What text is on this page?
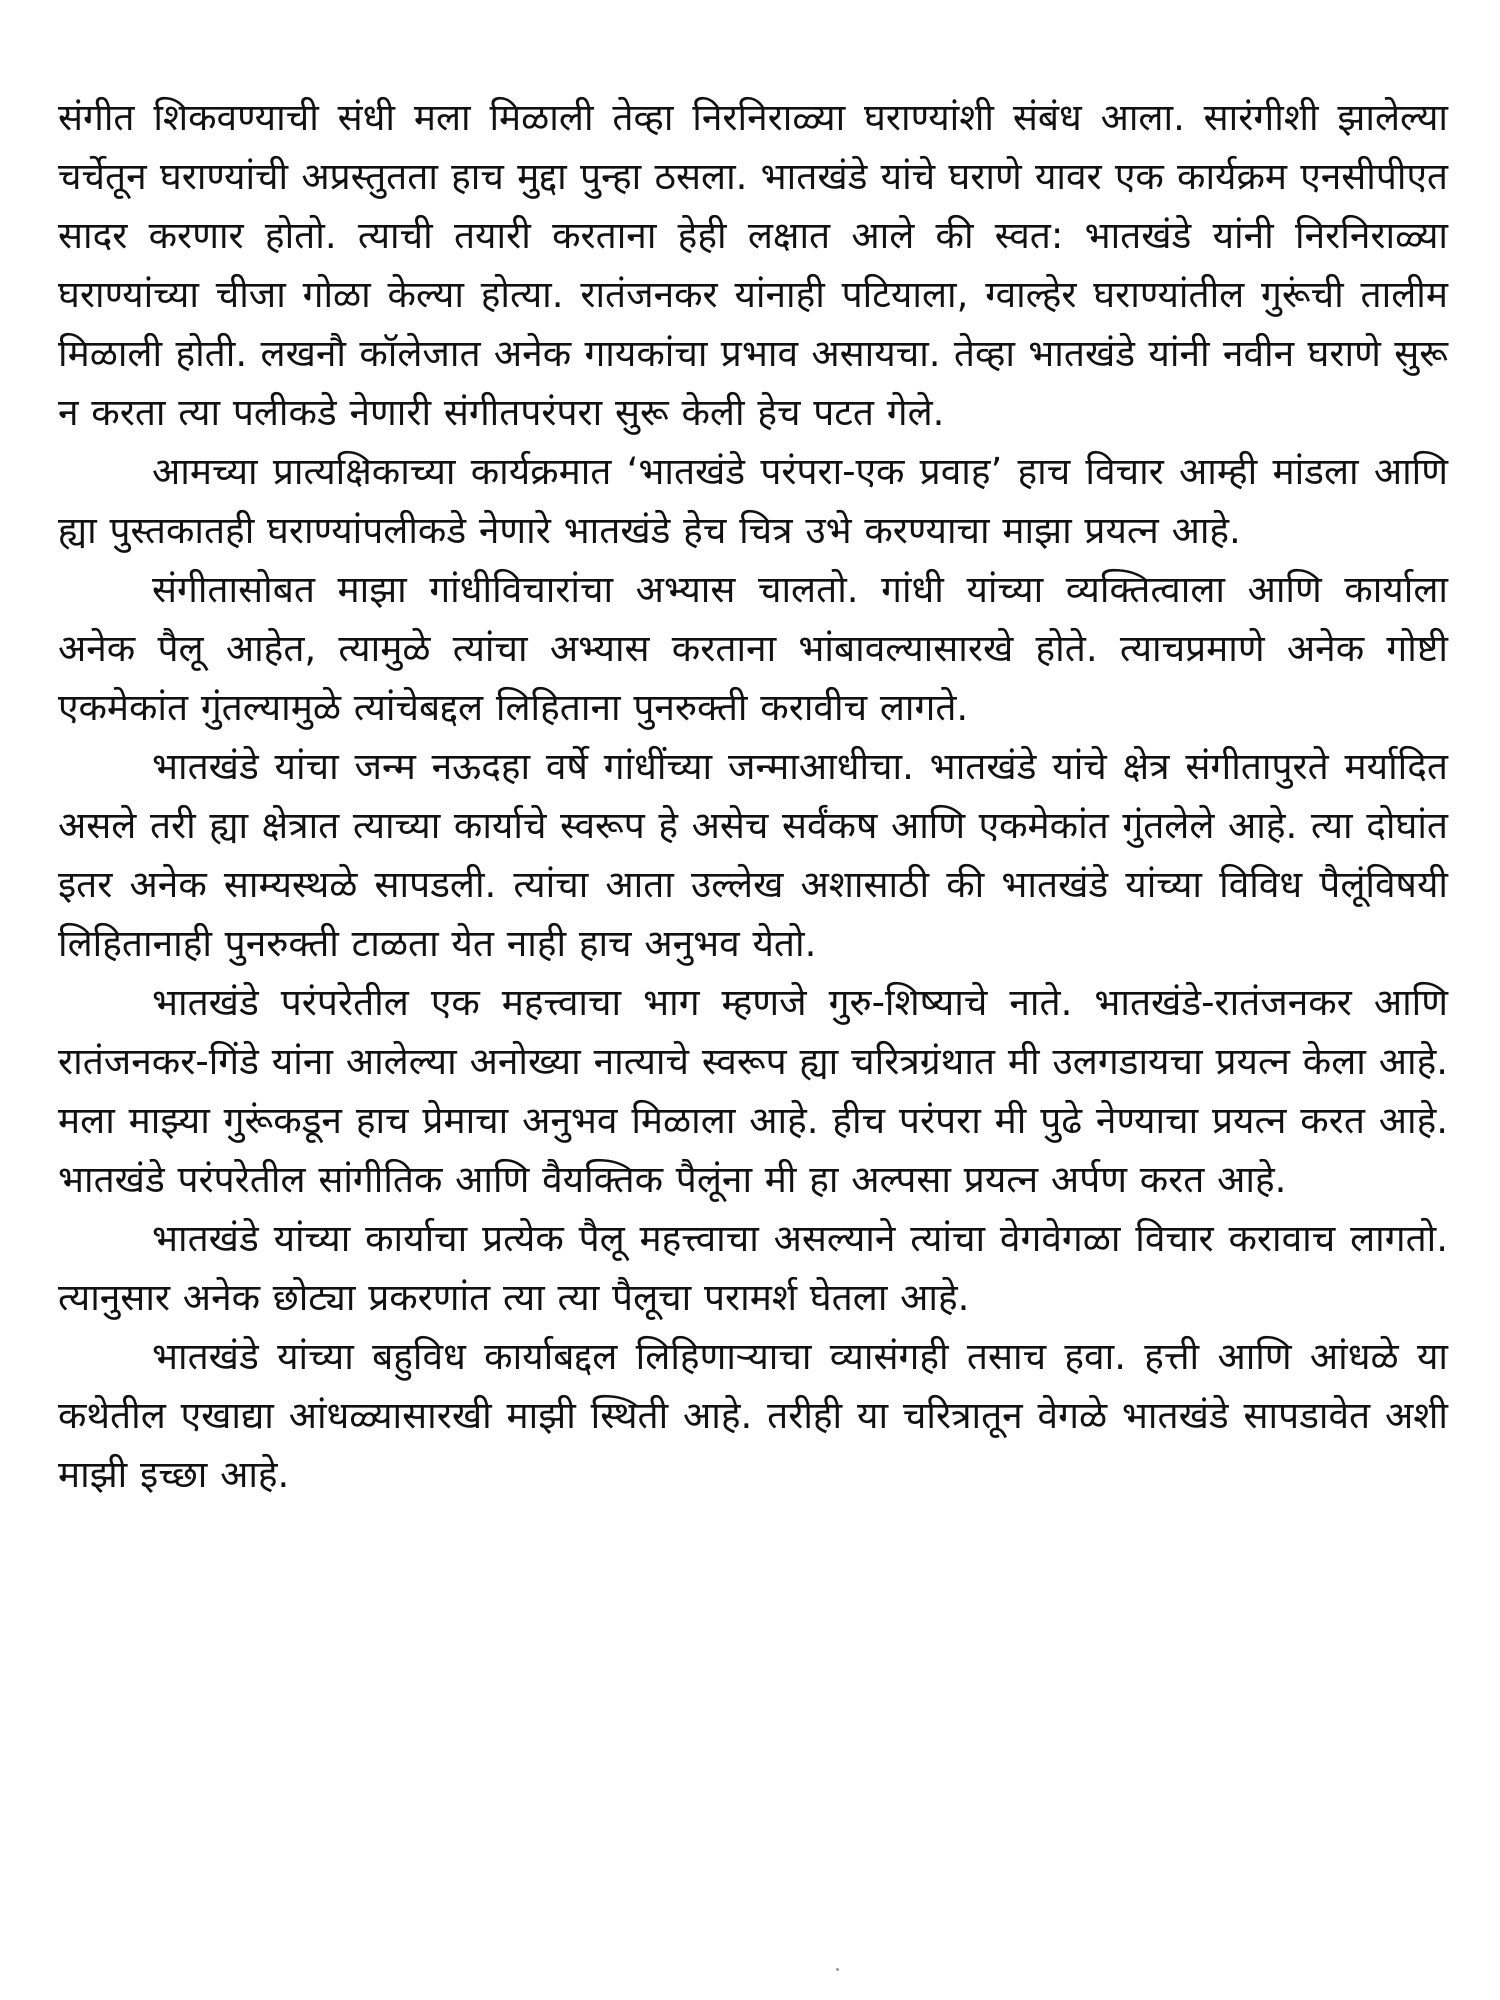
संगीत शिकवण्याची संधी मला मिळाली तेव्हा निरनिराळ्या घराण्यांशी संबंध आला. सारंगीशी झालेल्या चर्चेतून घराण्यांची अप्रस्तुतता हाच मुद्दा पुन्हा ठसला. भातखंडे यांचे घराणे यावर एक कार्यक्रम एनसीपीएत सादर करणार होतो. त्याची तयारी करताना हेही लक्षात आले की स्वत: भातखंडे यांनी निरनिराळ्या घराण्यांच्या चीजा गोळा केल्या होत्या. रातंजनकर यांनाही पटियाला, ग्वाल्हेर घराण्यांतील गुरूंची तालीम मिळाली होती. लखनौ कॉलेजात अनेक गायकांचा प्रभाव असायचा. तेव्हा भातखंडे यांनी नवीन घराणे सुरू न करता त्या पलीकडे नेणारी संगीतपरंपरा सुरू केली हेच पटत गेले.

आमच्या प्रात्यक्षिकाच्या कार्यक्रमात ‘भातखंडे परंपरा-एक प्रवाह’ हाच विचार आम्ही मांडला आणि ह्या पुस्तकातही घराण्यांपलीकडे नेणारे भातखंडे हेच चित्र उभे करण्याचा माझा प्रयत्न आहे.

संगीतासोबत माझा गांधीविचारांचा अभ्यास चालतो. गांधी यांच्या व्यक्तित्वाला आणि कार्याला अनेक पैलू आहेत, त्यामुळे त्यांचा अभ्यास करताना भांबावल्यासारखे होते. त्याचप्रमाणे अनेक गोष्टी एकमेकांत गुंतल्यामुळे त्यांचेबद्दल लिहिताना पुनरुक्ती करावीच लागते.

भातखंडे यांचा जन्म नऊदहा वर्षे गांधींच्या जन्माआधीचा. भातखंडे यांचे क्षेत्र संगीतापुरते मर्यादित असले तरी ह्या क्षेत्रात त्याच्या कार्याचे स्वरूप हे असेच सर्वंकष आणि एकमेकांत गुंतलेले आहे. त्या दोघांत इतर अनेक साम्यस्थळे सापडली. त्यांचा आता उल्लेख अशासाठी की भातखंडे यांच्या विविध पैलूंविषयी लिहितानाही पुनरुक्ती टाळता येत नाही हाच अनुभव येतो.

भातखंडे परंपरेतील एक महत्त्वाचा भाग म्हणजे गुरु-शिष्याचे नाते. भातखंडे-रातंजनकर आणि रातंजनकर-गिंडे यांना आलेल्या अनोख्या नात्याचे स्वरूप ह्या चरित्रग्रंथात मी उलगडायचा प्रयत्न केला आहे. मला माझ्या गुरूंकडून हाच प्रेमाचा अनुभव मिळाला आहे. हीच परंपरा मी पुढे नेण्याचा प्रयत्न करत आहे. भातखंडे परंपरेतील सांगीतिक आणि वैयक्तिक पैलूंना मी हा अल्पसा प्रयत्न अर्पण करत आहे.

भातखंडे यांच्या कार्याचा प्रत्येक पैलू महत्त्वाचा असल्याने त्यांचा वेगवेगळा विचार करावाच लागतो. त्यानुसार अनेक छोट्या प्रकरणांत त्या त्या पैलूचा परामर्श घेतला आहे.

भातखंडे यांच्या बहुविध कार्याबद्दल लिहिणाऱ्याचा व्यासंगही तसाच हवा. हत्ती आणि आंधळे या कथेतील एखाद्या आंधळ्यासारखी माझी स्थिती आहे. तरीही या चरित्रातून वेगळे भातखंडे सापडावेत अशी माझी इच्छा आहे.
